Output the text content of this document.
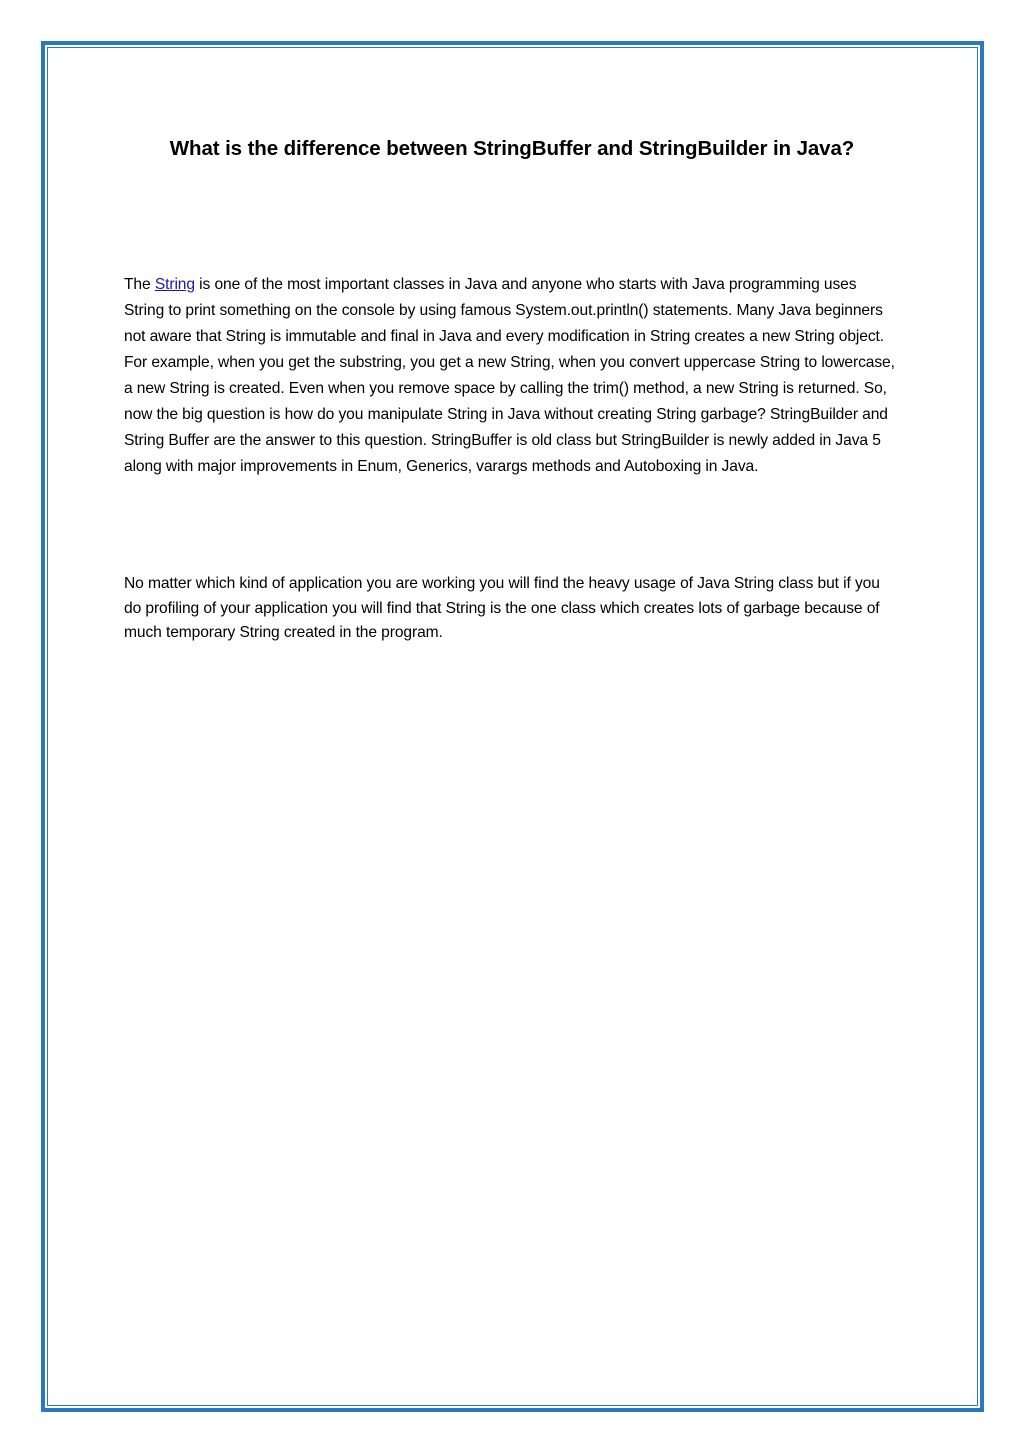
What is the difference between StringBuffer and StringBuilder in Java?

The String is one of the most important classes in Java and anyone who starts with Java programming uses String to print something on the console by using famous System.out.println() statements. Many Java beginners not aware that String is immutable and final in Java and every modification in String creates a new String object. For example, when you get the substring, you get a new String, when you convert uppercase String to lowercase, a new String is created. Even when you remove space by calling the trim() method, a new String is returned. So, now the big question is how do you manipulate String in Java without creating String garbage? StringBuilder and String Buffer are the answer to this question. StringBuffer is old class but StringBuilder is newly added in Java 5 along with major improvements in Enum, Generics, varargs methods and Autoboxing in Java.

No matter which kind of application you are working you will find the heavy usage of Java String class but if you do profiling of your application you will find that String is the one class which creates lots of garbage because of much temporary String created in the program.
